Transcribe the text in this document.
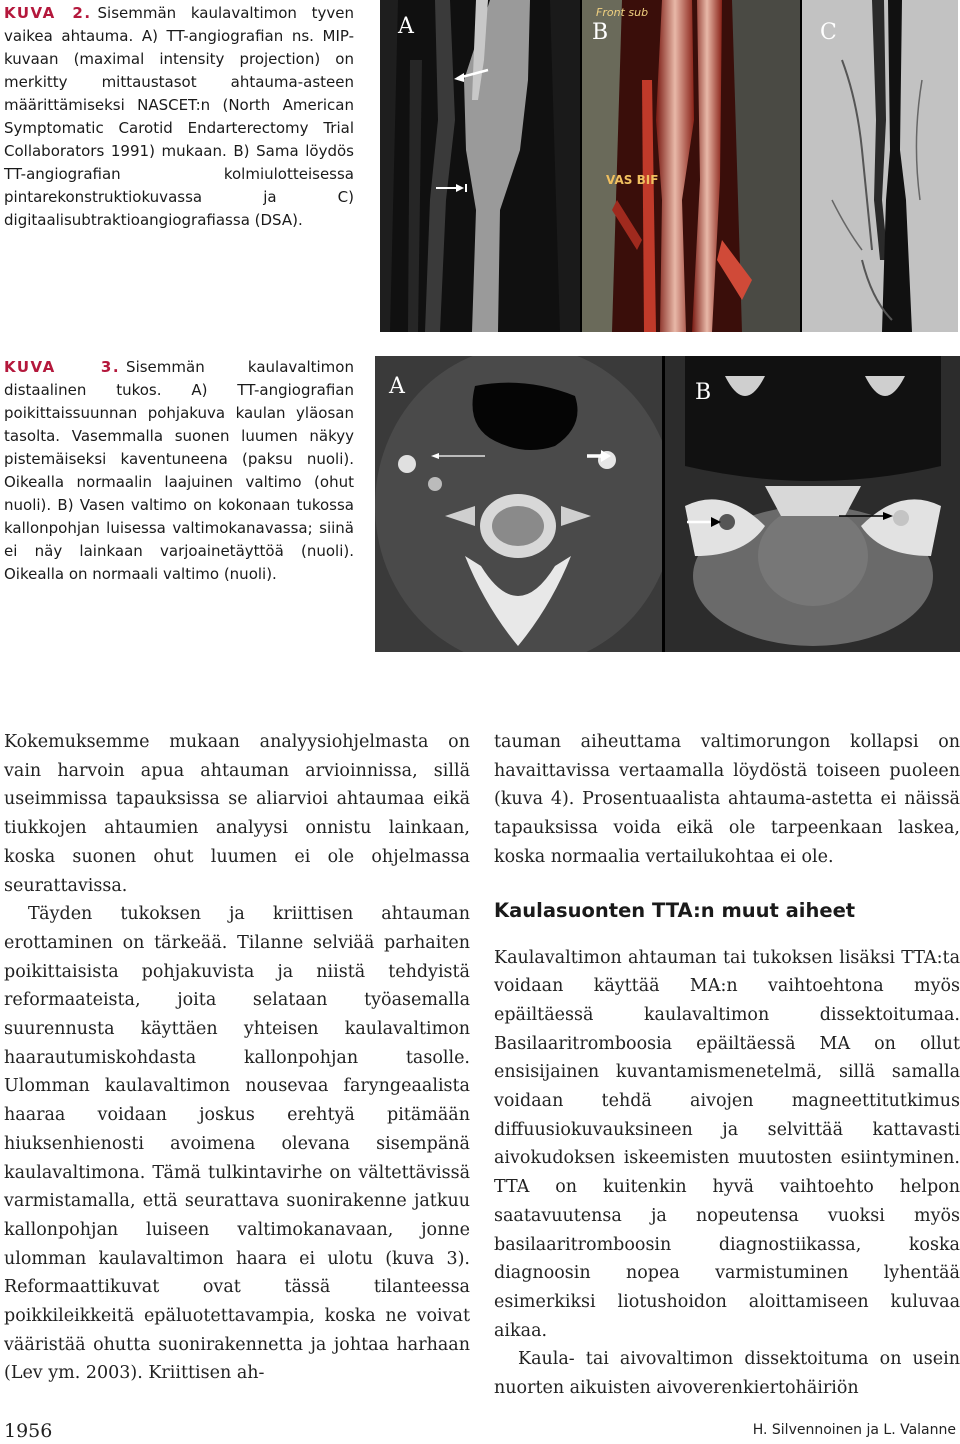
KUVA 2. Sisemmän kaulavaltimon tyven vaikea ahtauma. A) TT-angiografian ns. MIP-kuvaan (maximal intensity projection) on merkitty mittaustasot ahtauma-asteen määrittämiseksi NASCET:n (North American Symptomatic Carotid Endarterectomy Trial Collaborators 1991) mukaan. B) Sama löydös TT-angiografian kolmiulotteisessa pintarekonstruktiokuvassa ja C) digitaalisubtraktioangiografiassa (DSA).
A
Front sub
VAS BIF
B	C
KUVA 3. Sisemmän kaulavaltimon distaalinen tukos. A) TT-angiografian poikittaissuunnan pohjakuva kaulan yläosan tasolta. Vasemmalla suonen luumen näkyy pistemäiseksi kaventuneena (paksu nuoli). Oikealla normaalin laajuinen valtimo (ohut nuoli). B) Vasen valtimo on kokonaan tukossa kallonpohjan luisessa valtimokanavassa; siinä ei näy lainkaan varjoainetäyttöä (nuoli). Oikealla on normaali valtimo (nuoli).
A	B

Kokemuksemme mukaan analyysiohjelmasta on vain harvoin apua ahtauman arvioinnissa, sillä useimmissa tapauksissa se aliarvioi ahtaumaa eikä tiukkojen ahtaumien analyysi onnistu lainkaan, koska suonen ohut luumen ei ole ohjelmassa seurattavissa.

Täyden tukoksen ja kriittisen ahtauman erottaminen on tärkeää. Tilanne selviää parhaiten poikittaisista pohjakuvista ja niistä tehdyistä reformaateista, joita selataan työasemalla suurennusta käyttäen yhteisen kaulavaltimon haarautumiskohdasta kallonpohjan tasolle. Ulomman kaulavaltimon nousevaa faryngeaalista haaraa voidaan joskus erehtyä pitämään hiuksenhienosti avoimena olevana sisempänä kaulavaltimona. Tämä tulkintavirhe on vältettävissä varmistamalla, että seurattava suonirakenne jatkuu kallonpohjan luiseen valtimokanavaan, jonne ulomman kaulavaltimon haara ei ulotu (kuva 3). Reformaattikuvat ovat tässä tilanteessa poikkileikkeitä epäluotettavampia, koska ne voivat vääristää ohutta suonirakennetta ja johtaa harhaan (Lev ym. 2003). Kriittisen ah-

tauman aiheuttama valtimorungon kollapsi on havaittavissa vertaamalla löydöstä toiseen puoleen (kuva 4). Prosentuaalista ahtauma-astetta ei näissä tapauksissa voida eikä ole tarpeenkaan laskea, koska normaalia vertailukohtaa ei ole.

Kaulasuonten TTA:n muut aiheet

Kaulavaltimon ahtauman tai tukoksen lisäksi TTA:ta voidaan käyttää MA:n vaihtoehtona myös epäiltäessä kaulavaltimon dissektoitumaa. Basilaaritromboosia epäiltäessä MA on ollut ensisijainen kuvantamismenetelmä, sillä samalla voidaan tehdä aivojen magneettitutkimus diffuusiokuvauksineen ja selvittää kattavasti aivokudoksen iskeemisten muutosten esiintyminen. TTA on kuitenkin hyvä vaihtoehto helpon saatavuutensa ja nopeutensa vuoksi myös basilaaritromboosin diagnostiikassa, koska diagnoosin nopea varmistuminen lyhentää esimerkiksi liotushoidon aloittamiseen kuluvaa aikaa.

Kaula- tai aivovaltimon dissektoituma on usein nuorten aikuisten aivoverenkiertohäiriön

1956	H. Silvennoinen ja L. Valanne
